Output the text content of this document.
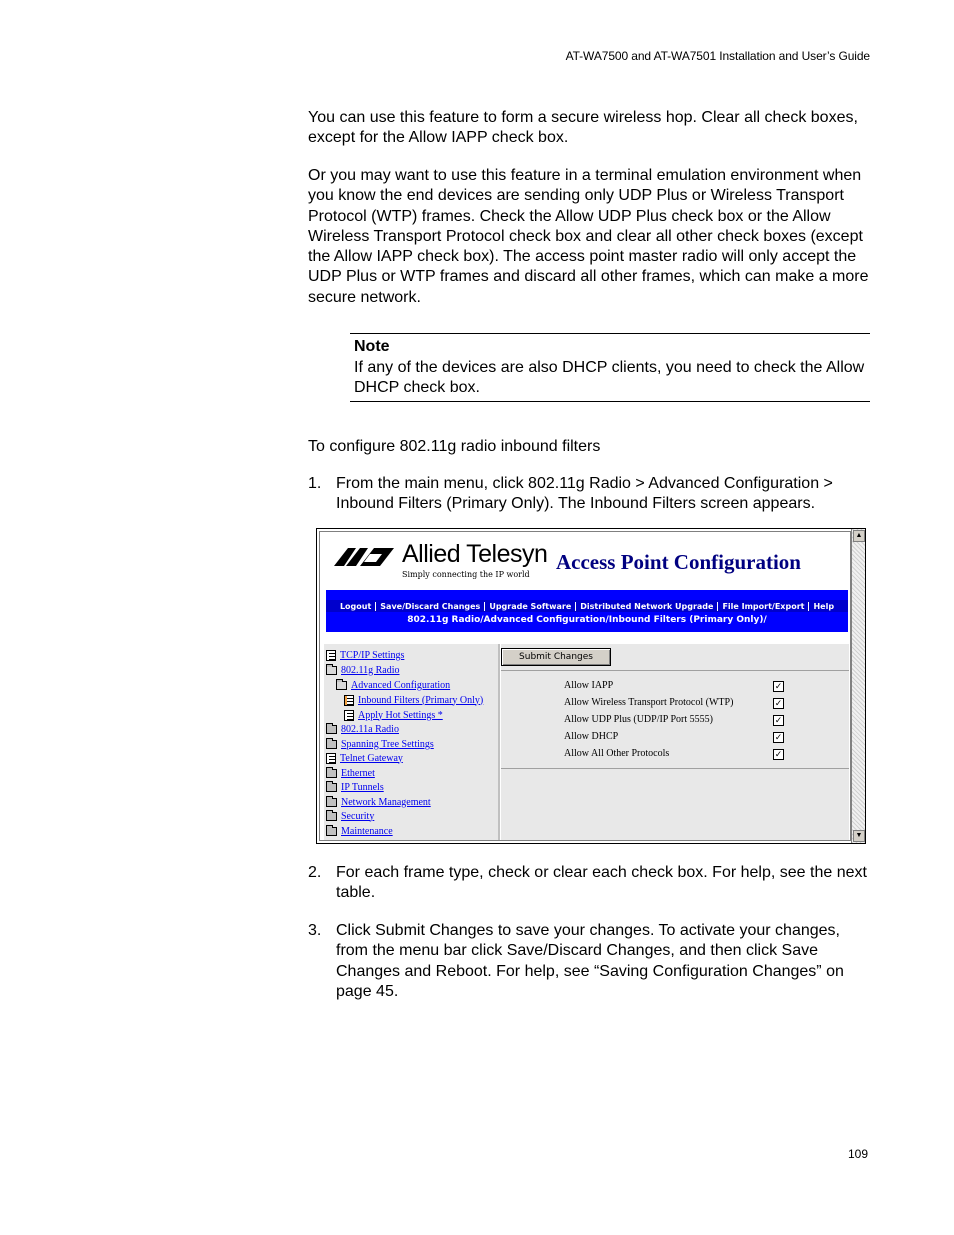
AT-WA7500 and AT-WA7501 Installation and User’s Guide
You can use this feature to form a secure wireless hop. Clear all check boxes, except for the Allow IAPP check box.
Or you may want to use this feature in a terminal emulation environment when you know the end devices are sending only UDP Plus or Wireless Transport Protocol (WTP) frames. Check the Allow UDP Plus check box or the Allow Wireless Transport Protocol check box and clear all other check boxes (except the Allow IAPP check box). The access point master radio will only accept the UDP Plus or WTP frames and discard all other frames, which can make a more secure network.
Note
If any of the devices are also DHCP clients, you need to check the Allow DHCP check box.
To configure 802.11g radio inbound filters
1. From the main menu, click 802.11g Radio > Advanced Configuration > Inbound Filters (Primary Only). The Inbound Filters screen appears.
Allied Telesyn
Simply connecting the IP world
Access Point Configuration
Logout	Save/Discard Changes	Upgrade Software	Distributed Network Upgrade	File Import/Export	Help
802.11g Radio/Advanced Configuration/Inbound Filters (Primary Only)/
TCP/IP Settings
802.11g Radio
Advanced Configuration
Inbound Filters (Primary Only)
Apply Hot Settings *
802.11a Radio
Spanning Tree Settings
Telnet Gateway
Ethernet
IP Tunnels
Network Management
Security
Maintenance
Submit Changes
Allow IAPP	✓
Allow Wireless Transport Protocol (WTP)	✓
Allow UDP Plus (UDP/IP Port 5555)	✓
Allow DHCP	✓
Allow All Other Protocols	✓
▲
▼
2. For each frame type, check or clear each check box. For help, see the next table.
3. Click Submit Changes to save your changes. To activate your changes, from the menu bar click Save/Discard Changes, and then click Save Changes and Reboot. For help, see “Saving Configuration Changes” on page 45.
109
